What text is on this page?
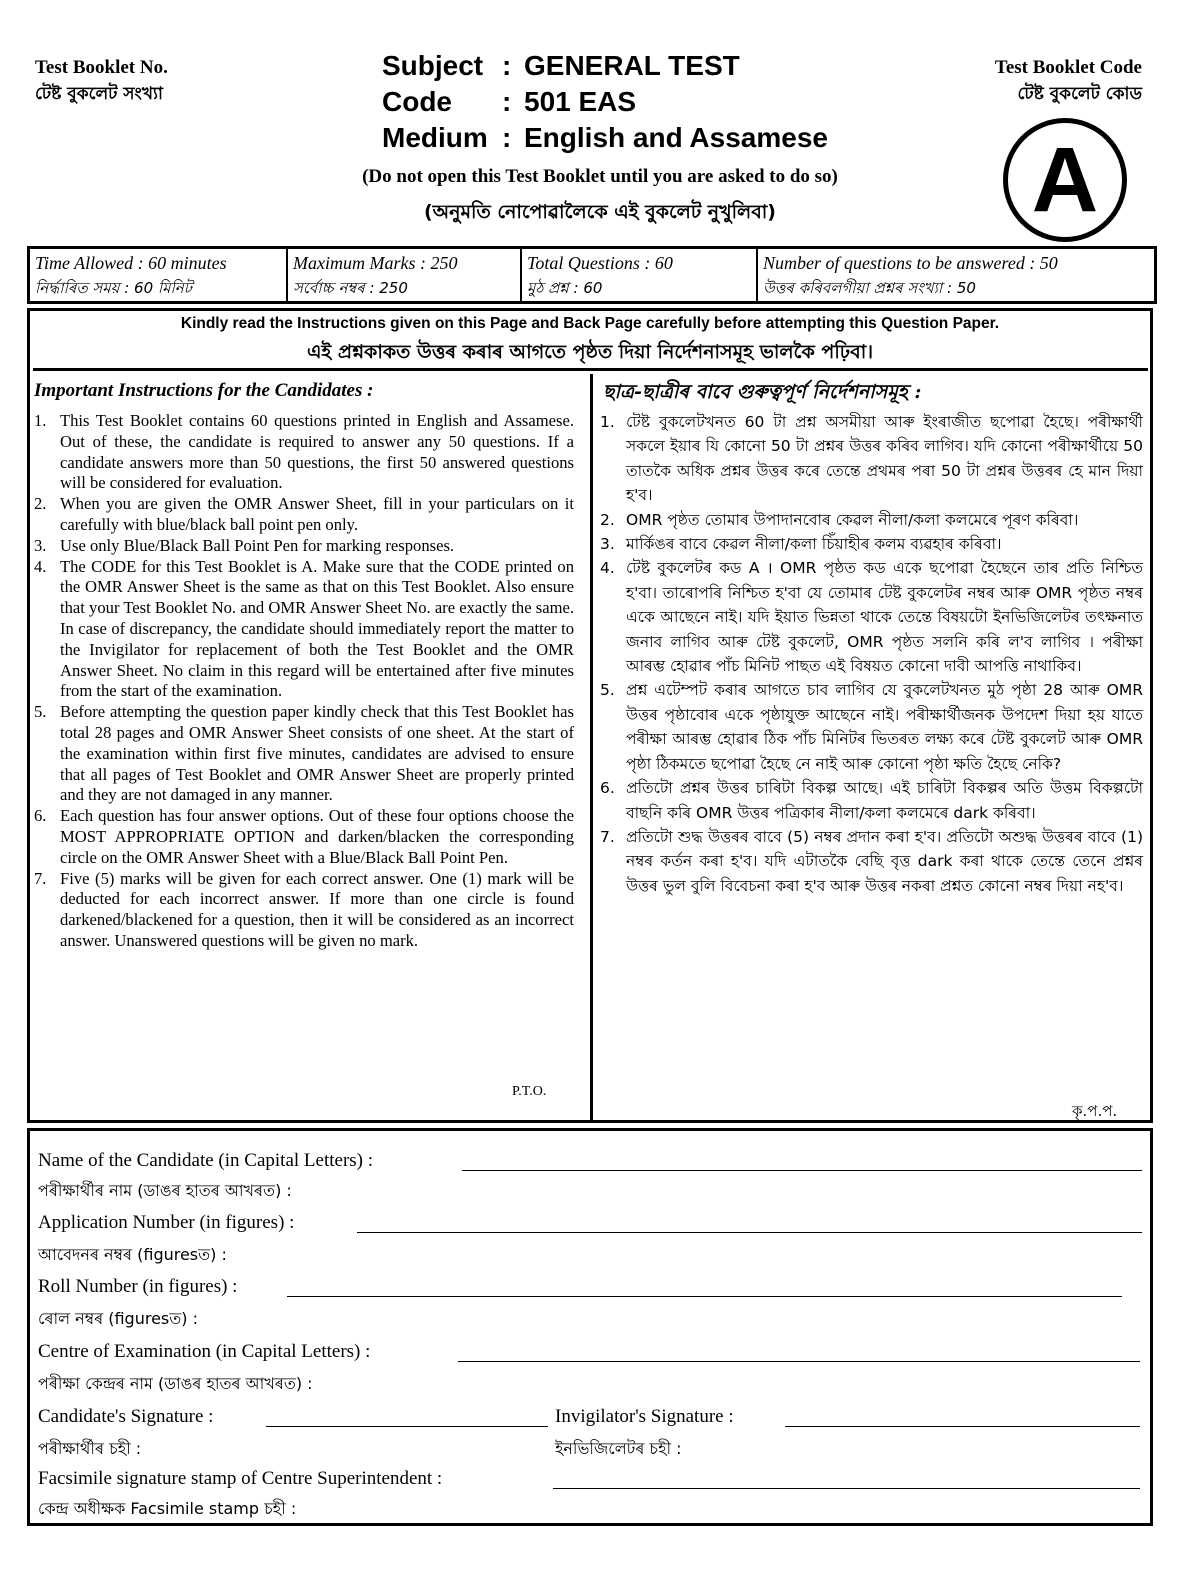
Test Booklet No.
টেষ্ট বুকলেট সংখ্যা
Subject : GENERAL TEST
Code	: 501 EAS
Medium : English and Assamese
Test Booklet Code
টেষ্ট বুকলেট কোড
A
(Do not open this Test Booklet until you are asked to do so)
(অনুমতি নোপোৱালৈকে এই বুকলেট নুখুলিবা)
Time Allowed : 60 minutes
নিৰ্দ্ধাৰিত সময় : 60 মিনিট
Maximum Marks : 250
সৰ্বোচ্চ নম্বৰ : 250
Total Questions : 60
মুঠ প্ৰশ্ন : 60
Number of questions to be answered : 50
উত্তৰ কৰিবলগীয়া প্ৰশ্নৰ সংখ্যা : 50
Kindly read the Instructions given on this Page and Back Page carefully before attempting this Question Paper.
এই প্ৰশ্নকাকত উত্তৰ কৰাৰ আগতে পৃষ্ঠত দিয়া নিৰ্দেশনাসমূহ ভালকৈ পঢ়িবা।
Important Instructions for the Candidates :	ছাত্ৰ-ছাত্ৰীৰ বাবে গুৰুত্বপূৰ্ণ নিৰ্দেশনাসমূহ :
1. This Test Booklet contains 60 questions printed in English and Assamese. Out of these, the candidate is required to answer any 50 questions. If a candidate answers more than 50 questions, the first 50 answered questions will be considered for evaluation.
2. When you are given the OMR Answer Sheet, fill in your particulars on it carefully with blue/black ball point pen only.
3. Use only Blue/Black Ball Point Pen for marking responses.
4. The CODE for this Test Booklet is A. Make sure that the CODE printed on the OMR Answer Sheet is the same as that on this Test Booklet. Also ensure that your Test Booklet No. and OMR Answer Sheet No. are exactly the same. In case of discrepancy, the candidate should immediately report the matter to the Invigilator for replacement of both the Test Booklet and the OMR Answer Sheet. No claim in this regard will be entertained after five minutes from the start of the examination.
5. Before attempting the question paper kindly check that this Test Booklet has total 28 pages and OMR Answer Sheet consists of one sheet. At the start of the examination within first five minutes, candidates are advised to ensure that all pages of Test Booklet and OMR Answer Sheet are properly printed and they are not damaged in any manner.
6. Each question has four answer options. Out of these four options choose the MOST APPROPRIATE OPTION and darken/blacken the corresponding circle on the OMR Answer Sheet with a Blue/Black Ball Point Pen.
7. Five (5) marks will be given for each correct answer. One (1) mark will be deducted for each incorrect answer. If more than one circle is found darkened/blackened for a question, then it will be considered as an incorrect answer. Unanswered questions will be given no mark.
P.T.O.
1. টেষ্ট বুকলেটখনত 60 টা প্ৰশ্ন অসমীয়া আৰু ইংৰাজীত ছপোৱা হৈছে। পৰীক্ষাৰ্থী সকলে ইয়াৰ যি কোনো 50 টা প্ৰশ্নৰ উত্তৰ কৰিব লাগিব। যদি কোনো পৰীক্ষাৰ্থীয়ে 50 তাতকৈ অধিক প্ৰশ্নৰ উত্তৰ কৰে তেন্তে প্ৰথমৰ পৰা 50 টা প্ৰশ্নৰ উত্তৰৰ হে মান দিয়া হ'ব।
2. OMR পৃষ্ঠত তোমাৰ উপাদানবোৰ কেৱল নীলা/কলা কলমেৰে পূৰণ কৰিবা।
3. মাৰ্কিঙৰ বাবে কেৱল নীলা/কলা চিঁয়াহীৰ কলম ব্যৱহাৰ কৰিবা।
4. টেষ্ট বুকলেটৰ কড A । OMR পৃষ্ঠত কড একে ছপোৱা হৈছেনে তাৰ প্ৰতি নিশ্চিত হ'বা। তাৰোপৰি নিশ্চিত হ'বা যে তোমাৰ টেষ্ট বুকলেটৰ নম্বৰ আৰু OMR পৃষ্ঠত নম্বৰ একে আছেনে নাই। যদি ইয়াত ভিন্নতা থাকে তেন্তে বিষয়টো ইনভিজিলেটৰ তৎক্ষনাত জনাব লাগিব আৰু টেষ্ট বুকলেট, OMR পৃষ্ঠত সলনি কৰি ল'ব লাগিব । পৰীক্ষা আৰম্ভ হোৱাৰ পাঁচ মিনিট পাছত এই বিষয়ত কোনো দাবী আপত্তি নাথাকিব।
5. প্ৰশ্ন এটেম্পট কৰাৰ আগতে চাব লাগিব যে বুকলেটখনত মুঠ পৃষ্ঠা 28 আৰু OMR উত্তৰ পৃষ্ঠাবোৰ একে পৃষ্ঠাযুক্ত আছেনে নাই। পৰীক্ষাৰ্থীজনক উপদেশ দিয়া হয় যাতে পৰীক্ষা আৰম্ভ হোৱাৰ ঠিক পাঁচ মিনিটৰ ভিতৰত লক্ষ্য কৰে টেষ্ট বুকলেট আৰু OMR পৃষ্ঠা ঠিকমতে ছপোৱা হৈছে নে নাই আৰু কোনো পৃষ্ঠা ক্ষতি হৈছে নেকি?
6. প্ৰতিটো প্ৰশ্নৰ উত্তৰ চাৰিটা বিকল্প আছে। এই চাৰিটা বিকল্পৰ অতি উত্তম বিকল্পটো বাছনি কৰি OMR উত্তৰ পত্ৰিকাৰ নীলা/কলা কলমেৰে dark কৰিবা।
7. প্ৰতিটো শুদ্ধ উত্তৰৰ বাবে (5) নম্বৰ প্ৰদান কৰা হ'ব। প্ৰতিটো অশুদ্ধ উত্তৰৰ বাবে (1) নম্বৰ কৰ্তন কৰা হ'ব। যদি এটাতকৈ বেছি বৃত্ত dark কৰা থাকে তেন্তে তেনে প্ৰশ্নৰ উত্তৰ ভুল বুলি বিবেচনা কৰা হ'ব আৰু উত্তৰ নকৰা প্ৰশ্নত কোনো নম্বৰ দিয়া নহ'ব।
কৃ.প.প.
Name of the Candidate (in Capital Letters) :
পৰীক্ষাৰ্থীৰ নাম (ডাঙৰ হাতৰ আখৰত) :
Application Number (in figures) :
আবেদনৰ নম্বৰ (figuresত) :
Roll Number (in figures) :
ৰোল নম্বৰ (figuresত) :
Centre of Examination (in Capital Letters) :
পৰীক্ষা কেন্দ্ৰৰ নাম (ডাঙৰ হাতৰ আখৰত) :
Candidate's Signature :
পৰীক্ষাৰ্থীৰ চহী :
Invigilator's Signature :
ইনভিজিলেটৰ চহী :
Facsimile signature stamp of Centre Superintendent :
কেন্দ্ৰ অধীক্ষক Facsimile stamp চহী :
